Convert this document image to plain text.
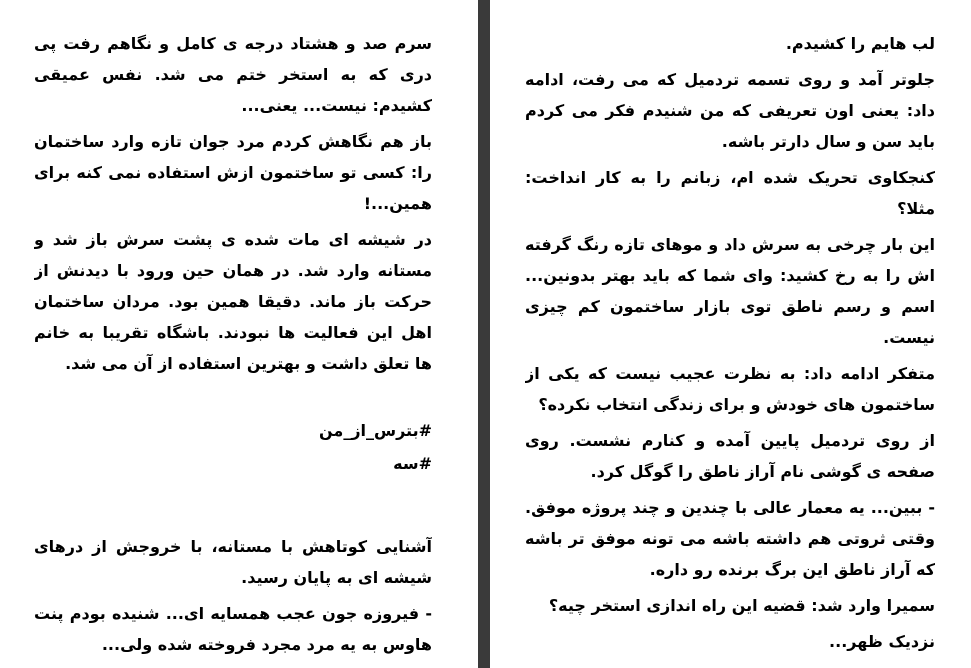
سرم صد و هشتاد درجه ی کامل و نگاهم رفت پی دری که به استخر ختم می شد. نفس عمیقی کشیدم: نیست... یعنی...

باز هم نگاهش کردم مرد جوان تازه وارد ساختمان را: کسی تو ساختمون ازش استفاده نمی کنه برای همین...!

در شیشه ای مات شده ی پشت سرش باز شد و مستانه وارد شد. در همان حین ورود با دیدنش از حرکت باز ماند. دقیقا همین بود. مردان ساختمان اهل این فعالیت ها نبودند. باشگاه تقریبا به خانم ها تعلق داشت و بهترین استفاده از آن می شد.

#بترس_از_من

#سه

آشنایی کوتاهش با مستانه، با خروجش از درهای شیشه ای به پایان رسید.

- فیروزه جون عجب همسایه ای... شنیده بودم پنت هاوس به یه مرد مجرد فروخته شده ولی...

لب هایم را کشیدم.

جلوتر آمد و روی تسمه تردمیل که می رفت، ادامه داد: یعنی اون تعریفی که من شنیدم فکر می کردم باید سن و سال دارتر باشه.

کنجکاوی تحریک شده ام، زبانم را به کار انداخت: مثلا؟

این بار چرخی به سرش داد و موهای تازه رنگ گرفته اش را به رخ کشید: وای شما که باید بهتر بدونین... اسم و رسم ناطق توی بازار ساختمون کم چیزی نیست.

متفکر ادامه داد: به نظرت عجیب نیست که یکی از ساختمون های خودش و برای زندگی انتخاب نکرده؟

از روی تردمیل پایین آمده و کنارم نشست. روی صفحه ی گوشی نام آراز ناطق را گوگل کرد.

- ببین... یه معمار عالی با چندین و چند پروژه موفق. وقتی ثروتی هم داشته باشه می تونه موفق تر باشه که آراز ناطق این برگ برنده رو داره.

سمیرا وارد شد: قضیه این راه اندازی استخر چیه؟

نزدیک ظهر...
